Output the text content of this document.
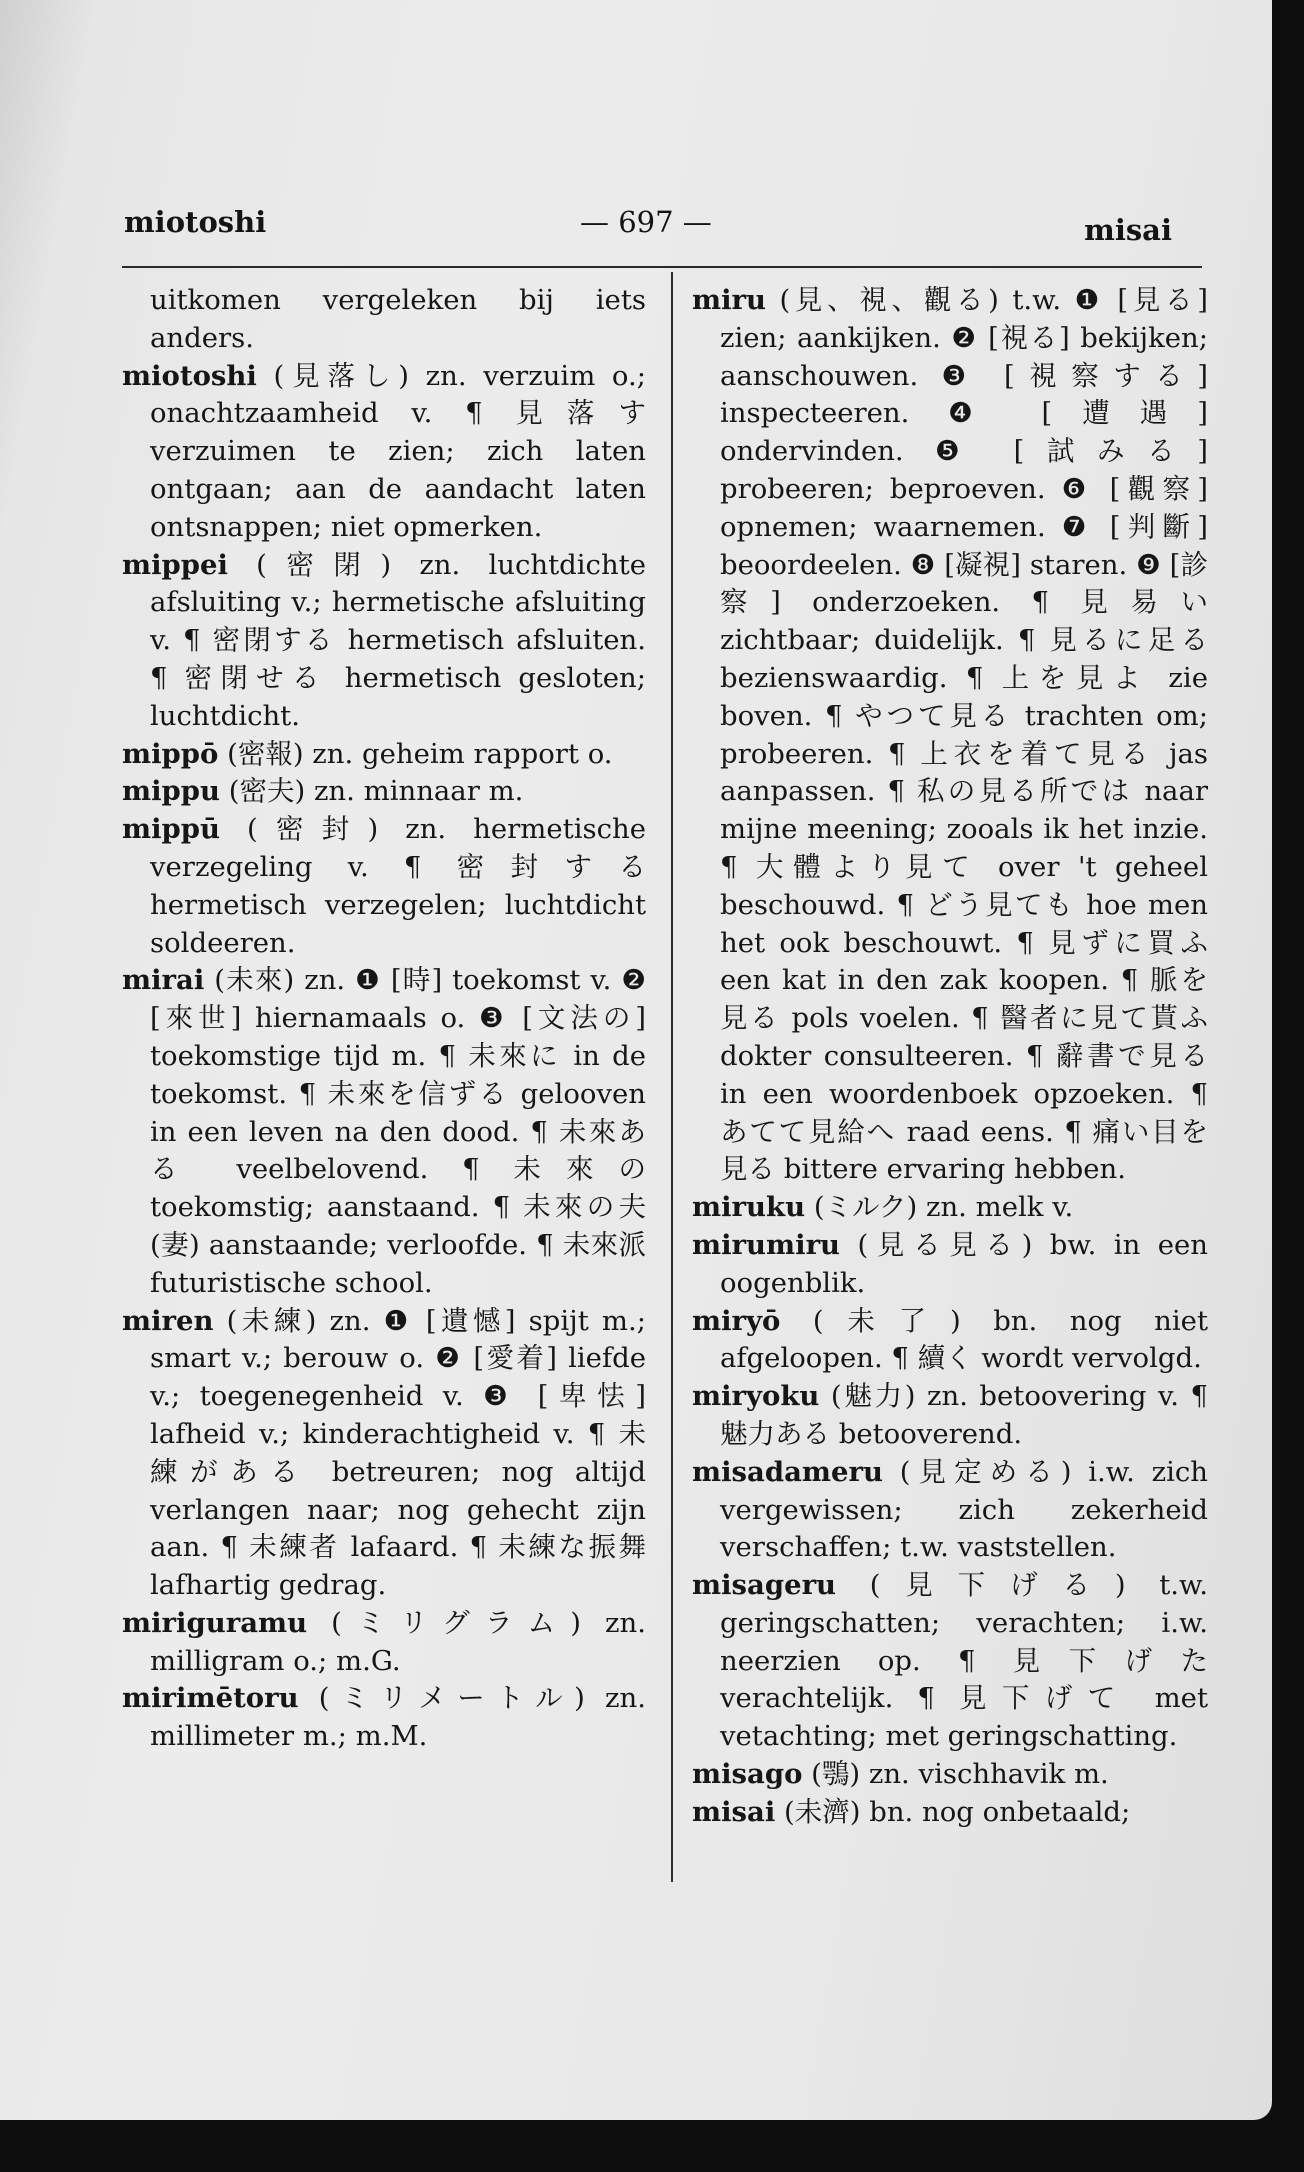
miotoshi	— 697 —	misai

uitkomen vergeleken bij iets anders.

miotoshi (見落し) zn. verzuim o.; onachtzaamheid v. ¶ 見落す verzuimen te zien; zich laten ontgaan; aan de aandacht laten ontsnappen; niet opmerken.

mippei (密閉) zn. luchtdichte afsluiting v.; hermetische afsluiting v. ¶ 密閉する hermetisch afsluiten. ¶ 密閉せる hermetisch gesloten; luchtdicht.

mippō (密報) zn. geheim rapport o.

mippu (密夫) zn. minnaar m.

mippū (密封) zn. hermetische verzegeling v. ¶ 密封する hermetisch verzegelen; luchtdicht soldeeren.

mirai (未來) zn. ❶ [時] toekomst v. ❷ [來世] hiernamaals o. ❸ [文法の] toekomstige tijd m. ¶ 未來に in de toekomst. ¶ 未來を信ずる gelooven in een leven na den dood. ¶ 未來ある veelbelovend. ¶ 未來の toekomstig; aanstaand. ¶ 未來の夫(妻) aanstaande; verloofde. ¶ 未來派 futuristische school.

miren (未練) zn. ❶ [遺憾] spijt m.; smart v.; berouw o. ❷ [愛着] liefde v.; toegenegenheid v. ❸ [卑怯] lafheid v.; kinderachtigheid v. ¶ 未練がある betreuren; nog altijd verlangen naar; nog gehecht zijn aan. ¶ 未練者 lafaard. ¶ 未練な振舞 lafhartig gedrag.

miriguramu (ミリグラム) zn. milligram o.; m.G.

mirimētoru (ミリメートル) zn. millimeter m.; m.M.

miru (見、視、觀る) t.w. ❶ [見る] zien; aankijken. ❷ [視る] bekijken; aanschouwen. ❸ [視察する] inspecteeren. ❹ [遭遇] ondervinden. ❺ [試みる] probeeren; beproeven. ❻ [觀察] opnemen; waarnemen. ❼ [判斷] beoordeelen. ❽ [凝視] staren. ❾ [診察] onderzoeken. ¶ 見易い zichtbaar; duidelijk. ¶ 見るに足る bezienswaardig. ¶ 上を見よ zie boven. ¶ やつて見る trachten om; probeeren. ¶ 上衣を着て見る jas aanpassen. ¶ 私の見る所では naar mijne meening; zooals ik het inzie. ¶ 大體より見て over 't geheel beschouwd. ¶ どう見ても hoe men het ook beschouwt. ¶ 見ずに買ふ een kat in den zak koopen. ¶ 脈を見る pols voelen. ¶ 醫者に見て貰ふ dokter consulteeren. ¶ 辭書で見る in een woordenboek opzoeken. ¶ あてて見給へ raad eens. ¶ 痛い目を見る bittere ervaring hebben.

miruku (ミルク) zn. melk v.

mirumiru (見る見る) bw. in een oogenblik.

miryō (未了) bn. nog niet afgeloopen. ¶ 續く wordt vervolgd.

miryoku (魅力) zn. betoovering v. ¶ 魅力ある betooverend.

misadameru (見定める) i.w. zich vergewissen; zich zekerheid verschaffen; t.w. vaststellen.

misageru (見下げる) t.w. geringschatten; verachten; i.w. neerzien op. ¶ 見下げた verachtelijk. ¶ 見下げて met vetachting; met geringschatting.

misago (鶚) zn. vischhavik m.

misai (未濟) bn. nog onbetaald;
